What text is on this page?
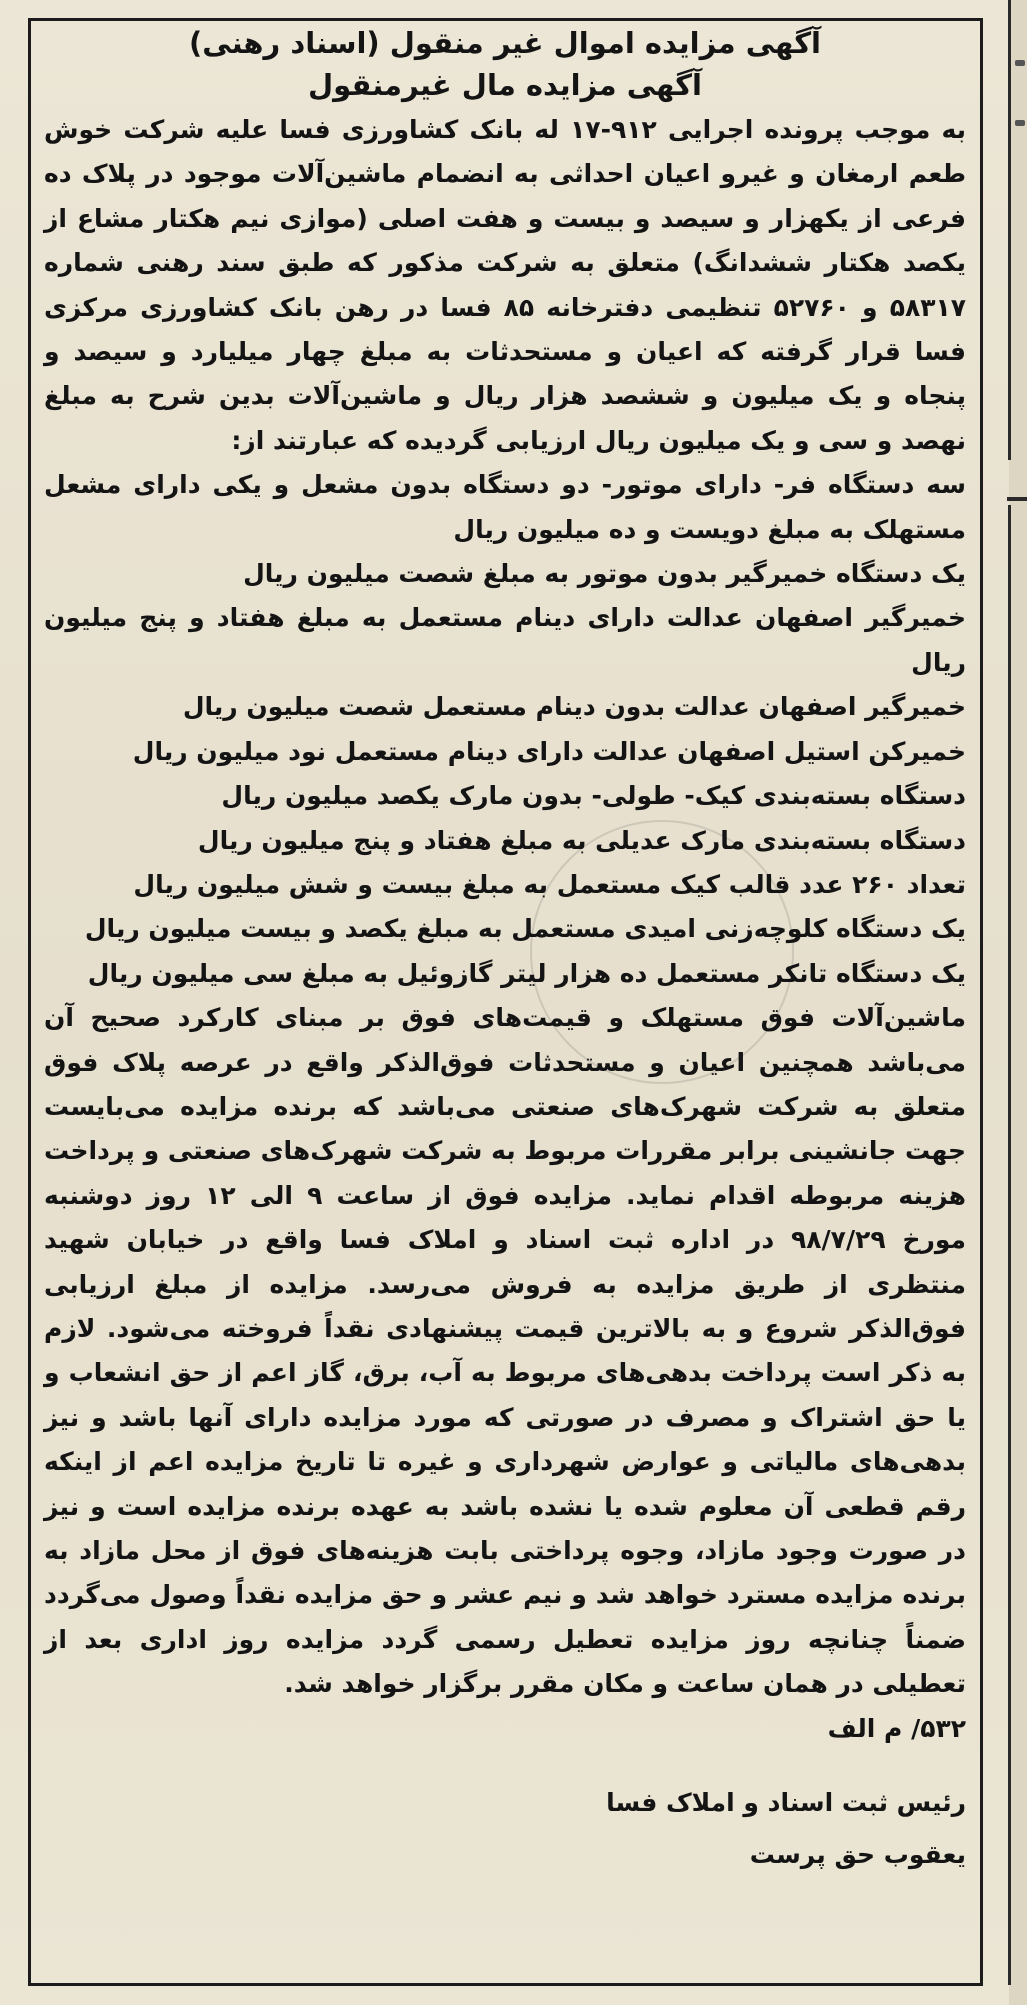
آگهی مزایده اموال غیر منقول (اسناد رهنی)
آگهی مزایده مال غیرمنقول

به موجب پرونده اجرایی ۹۱۲-۱۷ له بانک کشاورزی فسا علیه شرکت خوش طعم ارمغان و غیرو اعیان احداثی به انضمام ماشین‌آلات موجود در پلاک ده فرعی از یکهزار و سیصد و بیست و هفت اصلی (موازی نیم هکتار مشاع از یکصد هکتار ششدانگ) متعلق به شرکت مذکور که طبق سند رهنی شماره ۵۸۳۱۷ و ۵۲۷۶۰ تنظیمی دفترخانه ۸۵ فسا در رهن بانک کشاورزی مرکزی فسا قرار گرفته که اعیان و مستحدثات به مبلغ چهار میلیارد و سیصد و پنجاه و یک میلیون و ششصد هزار ریال و ماشین‌آلات بدین شرح به مبلغ نهصد و سی و یک میلیون ریال ارزیابی گردیده که عبارتند از:

سه دستگاه فر- دارای موتور- دو دستگاه بدون مشعل و یکی دارای مشعل مستهلک به مبلغ دویست و ده میلیون ریال

یک دستگاه خمیرگیر بدون موتور به مبلغ شصت میلیون ریال

خمیرگیر اصفهان عدالت دارای دینام مستعمل به مبلغ هفتاد و پنج میلیون ریال

خمیرگیر اصفهان عدالت بدون دینام مستعمل شصت میلیون ریال

خمیرکن استیل اصفهان عدالت دارای دینام مستعمل نود میلیون ریال

دستگاه بسته‌بندی کیک- طولی- بدون مارک یکصد میلیون ریال

دستگاه بسته‌بندی مارک عدیلی به مبلغ هفتاد و پنج میلیون ریال

تعداد ۲۶۰ عدد قالب کیک مستعمل به مبلغ بیست و شش میلیون ریال

یک دستگاه کلوچه‌زنی امیدی مستعمل به مبلغ یکصد و بیست میلیون ریال

یک دستگاه تانکر مستعمل ده هزار لیتر گازوئیل به مبلغ سی میلیون ریال

ماشین‌آلات فوق مستهلک و قیمت‌های فوق بر مبنای کارکرد صحیح آن می‌باشد همچنین اعیان و مستحدثات فوق‌الذکر واقع در عرصه پلاک فوق متعلق به شرکت شهرک‌های صنعتی می‌باشد که برنده مزایده می‌بایست جهت جانشینی برابر مقررات مربوط به شرکت شهرک‌های صنعتی و پرداخت هزینه مربوطه اقدام نماید. مزایده فوق از ساعت ۹ الی ۱۲ روز دوشنبه مورخ ۹۸/۷/۲۹ در اداره ثبت اسناد و املاک فسا واقع در خیابان شهید منتظری از طریق مزایده به فروش می‌رسد. مزایده از مبلغ ارزیابی فوق‌الذکر شروع و به بالاترین قیمت پیشنهادی نقداً فروخته می‌شود. لازم به ذکر است پرداخت بدهی‌های مربوط به آب، برق، گاز اعم از حق انشعاب و یا حق اشتراک و مصرف در صورتی که مورد مزایده دارای آنها باشد و نیز بدهی‌های مالیاتی و عوارض شهرداری و غیره تا تاریخ مزایده اعم از اینکه رقم قطعی آن معلوم شده یا نشده باشد به عهده برنده مزایده است و نیز در صورت وجود مازاد، وجوه پرداختی بابت هزینه‌های فوق از محل مازاد به برنده مزایده مسترد خواهد شد و نیم عشر و حق مزایده نقداً وصول می‌گردد ضمناً چنانچه روز مزایده تعطیل رسمی گردد مزایده روز اداری بعد از تعطیلی در همان ساعت و مکان مقرر برگزار خواهد شد.

۵۳۲/ م الف

رئیس ثبت اسناد و املاک فسا

یعقوب حق پرست
